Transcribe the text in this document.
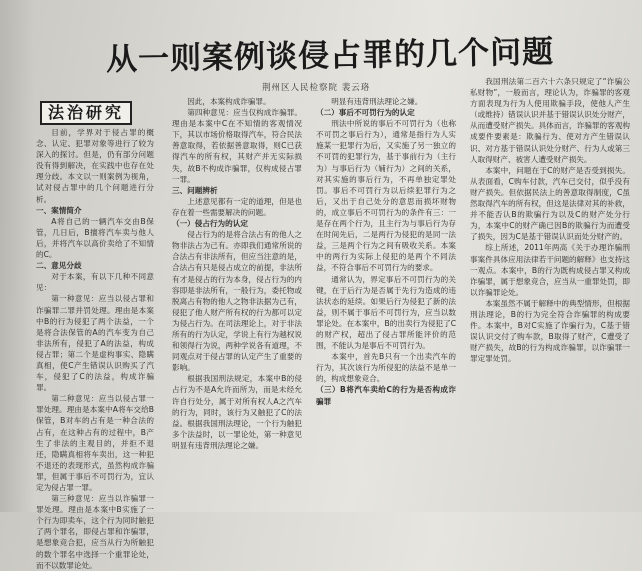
从一则案例谈侵占罪的几个问题
荆州区人民检察院 裴云珞
法治研究

目前，学界对于侵占罪的概念、认定、犯罪对象等进行了较为深入的探讨。但是，仍有部分问题没有得到解决，在实践中也存在处理分歧。本文以一则案例为视角，试对侵占罪中的几个问题进行分析。

一、案情简介

A将自己的一辆汽车交由B保管，几日后，B擅将汽车卖与他人后，并将汽车以高价卖给了不知情的C。

二、意见分歧

对于本案，有以下几种不同意见：

第一种意见：应当以侵占罪和诈骗罪二罪并罚处理。理由是本案中B的行为侵犯了两个法益，一个是将合法保管的A的汽车变为自己非法所有，侵犯了A的法益，构成侵占罪；第二个是虚构事实、隐瞒真相，使C产生错误认识购买了汽车，侵犯了C的法益，构成诈骗罪。

第二种意见：应当以侵占罪一罪处理。理由是本案中A将车交给B保管，B对车的占有是一种合法的占有，在这种占有的过程中，B产生了非法的主观目的，并拒不退还，隐瞒真相将车卖出，这一种犯不退还的表现形式，虽然构成诈骗罪，但属于事后不可罚行为，宜认定为侵占罪一罪。

第三种意见：应当以诈骗罪一罪处理。理由是本案中B实施了一个行为即卖车，这个行为同时触犯了两个罪名，即侵占罪和诈骗罪，是想象竞合犯，应当从行为所触犯的数个罪名中选择一个重罪论处，而不以数罪论处。

因此，本案构成诈骗罪。

第四种意见：应当仅构成诈骗罪。理由是本案中C在不知情的客观情况下，其以市场价格取得汽车，符合民法善意取得，若依据善意取得，则C已获得汽车的所有权，其财产并无实际损失，故B不构成诈骗罪，仅构成侵占罪一罪。

三、问题辨析

上述意见都有一定的道理，但是也存在着一些需要解决的问题。

（一）侵占行为的认定

侵占行为的是将合法占有的他人之物非法占为己有。亦即我们通常所说的合法占有非法所有，但应当注意的是，合法占有只是侵占成立的前提，非法所有才是侵占的行为本身，侵占行为的内容即是非法所有，一般行为，委托物或脱离占有物的他人之物非法据为己有，侵犯了他人财产所有权的行为都可以定为侵占行为。在司法理论上，对于非法所有的行为认定，学说上有行为越权说和领得行为说，两种学说各有道理，不同观点对于侵占罪的认定产生了重要的影响。

根据我国刑法规定，本案中B的侵占行为不是A允许而所为，而是未经允许自行处分，属于对所有权人A之汽车的行为，同时，该行为又触犯了C的法益。根据我国刑法理论，一个行为触犯多个法益时，以一罪论处，第一种意见明显有违背刑法理论之嫌。

明显有违背刑法理论之嫌。

（二）事后不可罚行为的认定

刑法中所说的事后不可罚行为（也称不可罚之事后行为），通常是指行为人实施某一犯罪行为后，又实施了另一独立的不可罚的犯罪行为，基于事前行为（主行为）与事后行为（辅行为）之间的关系，对其实施的事后行为，不再单独定罪处罚。事后不可罚行为以后续犯罪行为之后，又出于自己处分的意思而损坏财物的，成立事后不可罚行为的条件有三：一是存在两个行为，且主行为与事后行为存在时间先后，二是两行为侵犯的是同一法益，三是两个行为之间有吸收关系。本案中的两行为实际上侵犯的是两个不同法益，不符合事后不可罚行为的要求。

通常认为，界定事后不可罚行为的关键，在于后行为是否属于先行为造成的违法状态的延续。如果后行为侵犯了新的法益，则不属于事后不可罚行为，应当以数罪论处。在本案中，B的出卖行为侵犯了C的财产权，超出了侵占罪所能评价的范围，不能认为是事后不可罚行为。

本案中，首先B只有一个出卖汽车的行为，其次该行为所侵犯的法益不是单一的，构成想象竞合。

（三）B将汽车卖给C的行为是否构成诈骗罪

我国刑法第二百六十六条只规定了“诈骗公私财物”，一般而言，理论认为，诈骗罪的客观方面表现为行为人使用欺骗手段，使他人产生（或维持）错误认识并基于错误认识处分财产，从而遭受财产损失。具体而言，诈骗罪的客观构成要件要素是：欺骗行为、使对方产生错误认识、对方基于错误认识处分财产、行为人或第三人取得财产、被害人遭受财产损失。

本案中，问题在于C的财产是否受到损失。从表面看，C购车付款，汽车已交付，似乎没有财产损失。但依据民法上的善意取得制度，C虽然取得汽车的所有权，但这是法律对其的补救，并不能否认B的欺骗行为以及C的财产处分行为，本案中C的财产确已因B的欺骗行为而遭受了损失，因为C是基于错误认识而处分财产的。

综上所述，2011年两高《关于办理诈骗刑事案件具体应用法律若干问题的解释》也支持这一观点。本案中，B的行为既构成侵占罪又构成诈骗罪，属于想象竞合，应当从一重罪处罚，即以诈骗罪论处。

本案虽然不属于解释中的典型情形，但根据刑法理论，B的行为完全符合诈骗罪的构成要件。本案中，B对C实施了诈骗行为，C基于错误认识交付了购车款，B取得了财产，C遭受了财产损失，故B的行为构成诈骗罪，以诈骗罪一罪定罪处罚。
